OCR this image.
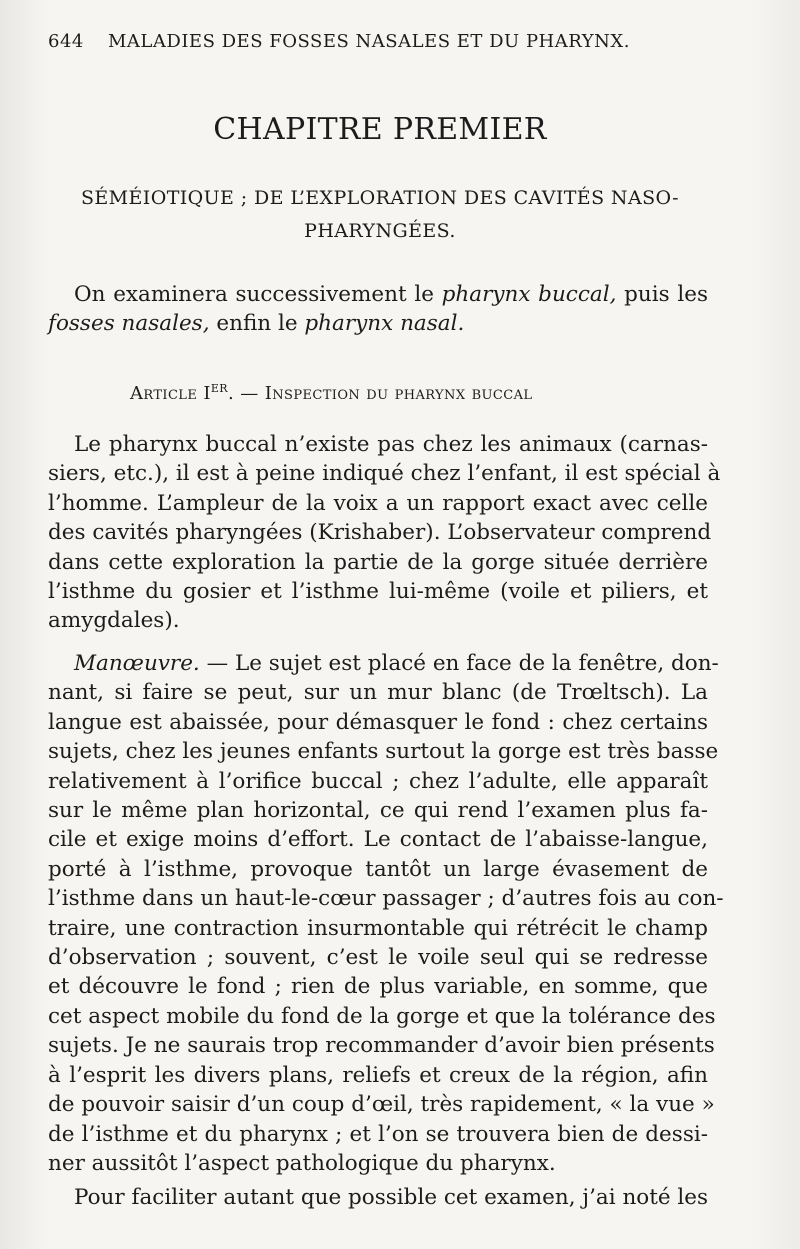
644 MALADIES DES FOSSES NASALES ET DU PHARYNX.
CHAPITRE PREMIER
SÉMÉIOTIQUE ; DE L’EXPLORATION DES CAVITÉS NASO-
PHARYNGÉES.
On examinera successivement le pharynx buccal, puis les
fosses nasales, enfin le pharynx nasal.
Article Ier. — Inspection du pharynx buccal
Le pharynx buccal n’existe pas chez les animaux (carnas-
siers, etc.), il est à peine indiqué chez l’enfant, il est spécial à
l’homme. L’ampleur de la voix a un rapport exact avec celle
des cavités pharyngées (Krishaber). L’observateur comprend
dans cette exploration la partie de la gorge située derrière
l’isthme du gosier et l’isthme lui-même (voile et piliers, et
amygdales).
Manœuvre. — Le sujet est placé en face de la fenêtre, don-
nant, si faire se peut, sur un mur blanc (de Trœltsch). La
langue est abaissée, pour démasquer le fond : chez certains
sujets, chez les jeunes enfants surtout la gorge est très basse
relativement à l’orifice buccal ; chez l’adulte, elle apparaît
sur le même plan horizontal, ce qui rend l’examen plus fa-
cile et exige moins d’effort. Le contact de l’abaisse-langue,
porté à l’isthme, provoque tantôt un large évasement de
l’isthme dans un haut-le-cœur passager ; d’autres fois au con-
traire, une contraction insurmontable qui rétrécit le champ
d’observation ; souvent, c’est le voile seul qui se redresse
et découvre le fond ; rien de plus variable, en somme, que
cet aspect mobile du fond de la gorge et que la tolérance des
sujets. Je ne saurais trop recommander d’avoir bien présents
à l’esprit les divers plans, reliefs et creux de la région, afin
de pouvoir saisir d’un coup d’œil, très rapidement, « la vue »
de l’isthme et du pharynx ; et l’on se trouvera bien de dessi-
ner aussitôt l’aspect pathologique du pharynx.
Pour faciliter autant que possible cet examen, j’ai noté les
